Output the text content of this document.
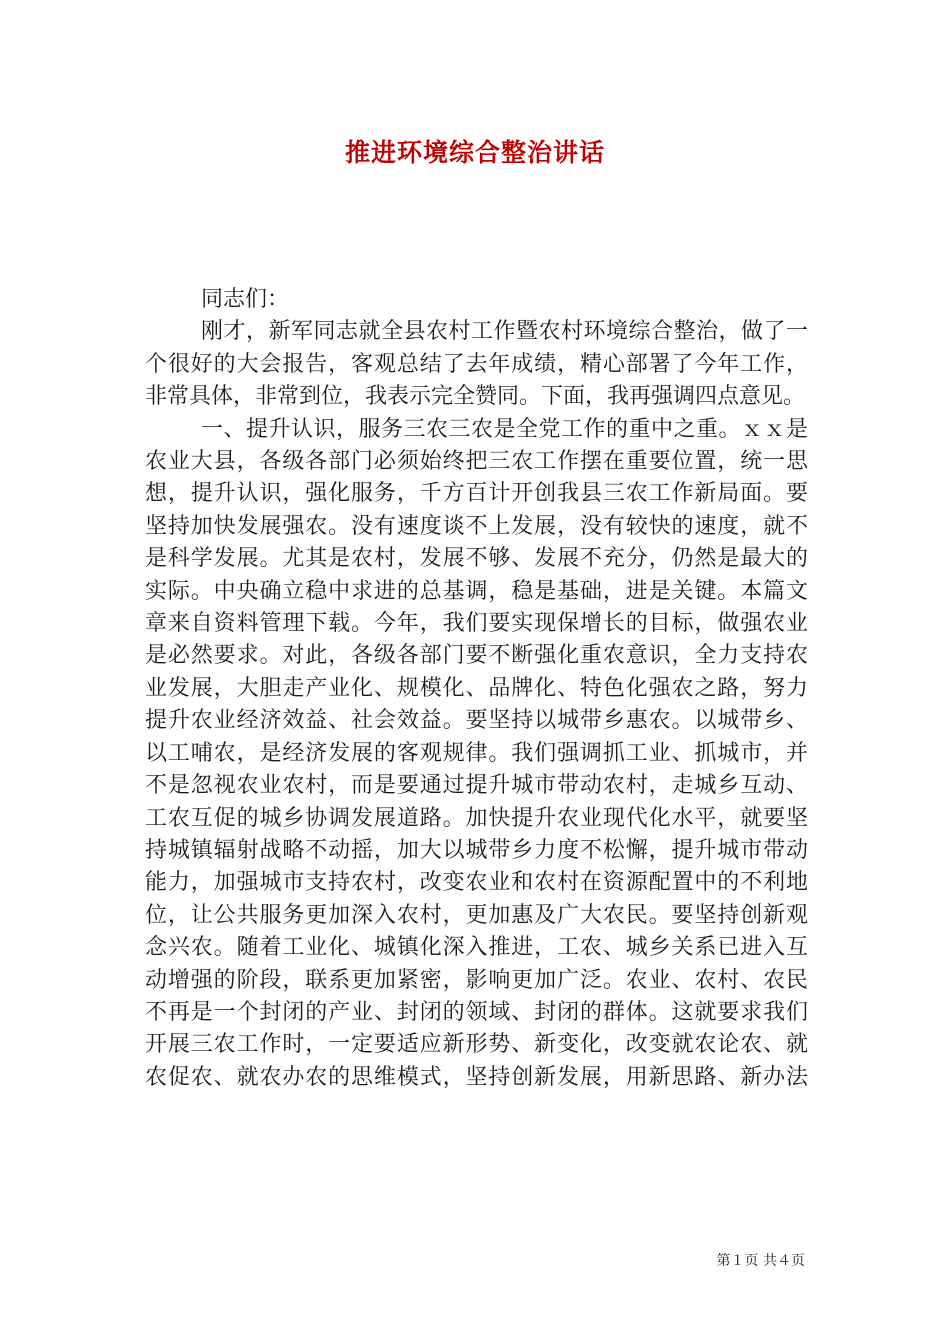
推进环境综合整治讲话
同志们：
刚才，新军同志就全县农村工作暨农村环境综合整治，做了一
个很好的大会报告，客观总结了去年成绩，精心部署了今年工作，
非常具体，非常到位，我表示完全赞同。下面，我再强调四点意见。
一、提升认识，服务三农三农是全党工作的重中之重。ｘｘ是
农业大县，各级各部门必须始终把三农工作摆在重要位置，统一思
想，提升认识，强化服务，千方百计开创我县三农工作新局面。要
坚持加快发展强农。没有速度谈不上发展，没有较快的速度，就不
是科学发展。尤其是农村，发展不够、发展不充分，仍然是最大的
实际。中央确立稳中求进的总基调，稳是基础，进是关键。本篇文
章来自资料管理下载。今年，我们要实现保增长的目标，做强农业
是必然要求。对此，各级各部门要不断强化重农意识，全力支持农
业发展，大胆走产业化、规模化、品牌化、特色化强农之路，努力
提升农业经济效益、社会效益。要坚持以城带乡惠农。以城带乡、
以工哺农，是经济发展的客观规律。我们强调抓工业、抓城市，并
不是忽视农业农村，而是要通过提升城市带动农村，走城乡互动、
工农互促的城乡协调发展道路。加快提升农业现代化水平，就要坚
持城镇辐射战略不动摇，加大以城带乡力度不松懈，提升城市带动
能力，加强城市支持农村，改变农业和农村在资源配置中的不利地
位，让公共服务更加深入农村，更加惠及广大农民。要坚持创新观
念兴农。随着工业化、城镇化深入推进，工农、城乡关系已进入互
动增强的阶段，联系更加紧密，影响更加广泛。农业、农村、农民
不再是一个封闭的产业、封闭的领域、封闭的群体。这就要求我们
开展三农工作时，一定要适应新形势、新变化，改变就农论农、就
农促农、就农办农的思维模式，坚持创新发展，用新思路、新办法
第１页 共４页
